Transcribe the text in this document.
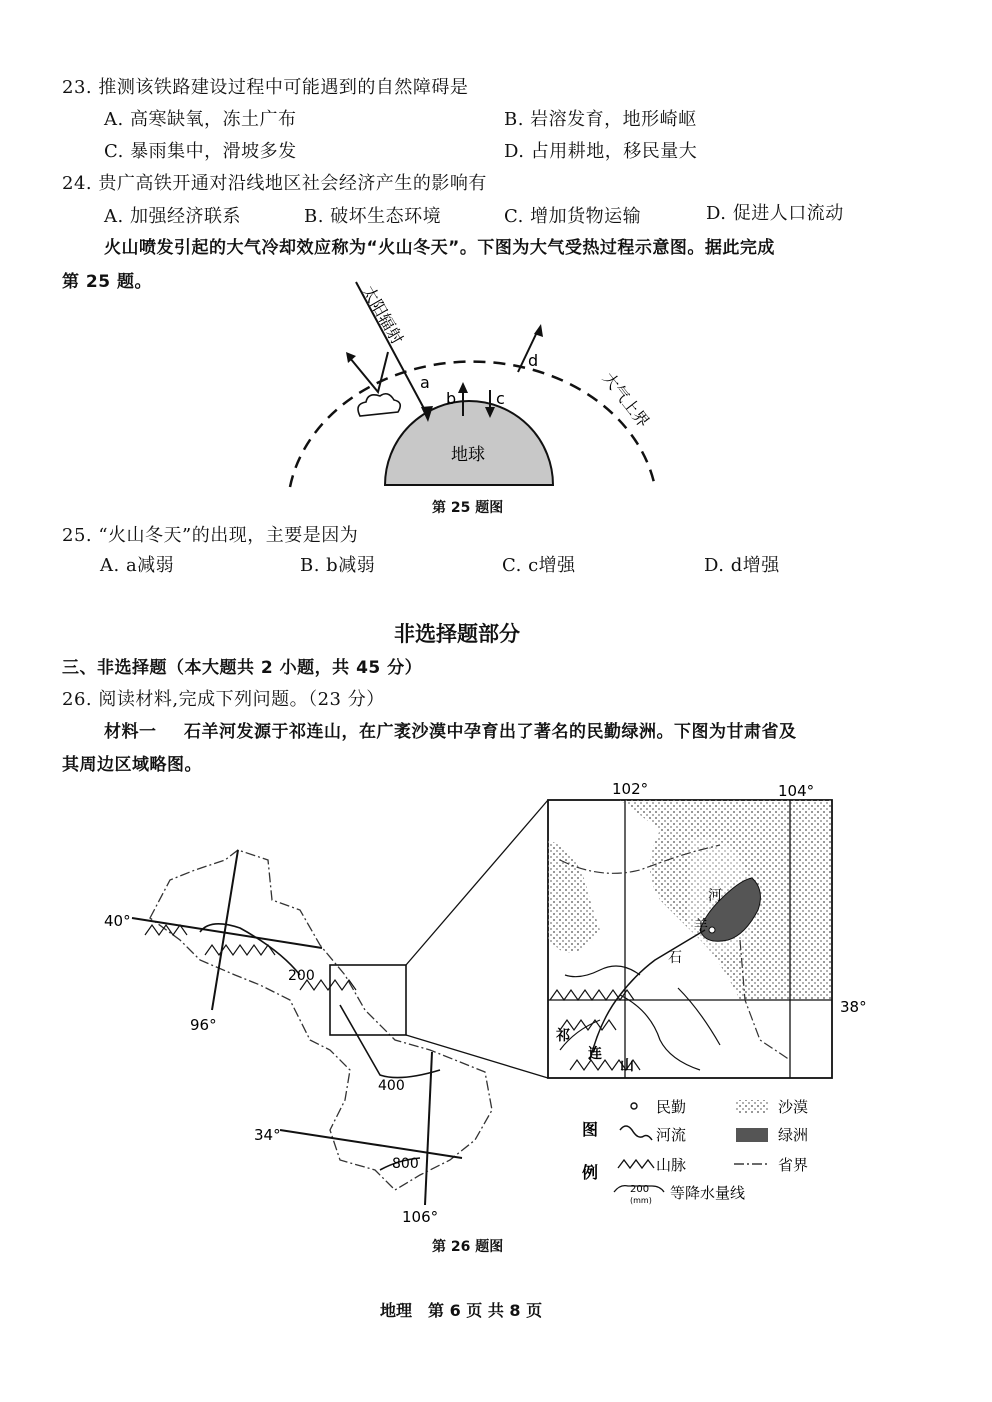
23. 推测该铁路建设过程中可能遇到的自然障碍是
A. 高寒缺氧，冻土广布	B. 岩溶发育，地形崎岖
C. 暴雨集中，滑坡多发	D. 占用耕地，移民量大
24. 贵广高铁开通对沿线地区社会经济产生的影响有
A. 加强经济联系	B. 破坏生态环境	C. 增加货物运输	D. 促进人口流动
火山喷发引起的大气冷却效应称为“火山冬天”。下图为大气受热过程示意图。据此完成
第 25 题。
a
b c
d
地球
太阳辐射
大气上界
第 25 题图
25. “火山冬天”的出现，主要是因为
A. a减弱	B. b减弱	C. c增强	D. d增强
非选择题部分
三、非选择题（本大题共 2 小题，共 45 分）
26. 阅读材料,完成下列问题。（23 分）
材料一 石羊河发源于祁连山，在广袤沙漠中孕育出了著名的民勤绿洲。下图为甘肃省及
其周边区域略图。
40°
34°
96°
106°
200
400
800
102°	104°
38°
河
羊
石
祁
连
山
图
例
民勤	沙漠
河流	绿洲
山脉	省界
200
(mm) 等降水量线
第 26 题图
地理　第 6 页 共 8 页
